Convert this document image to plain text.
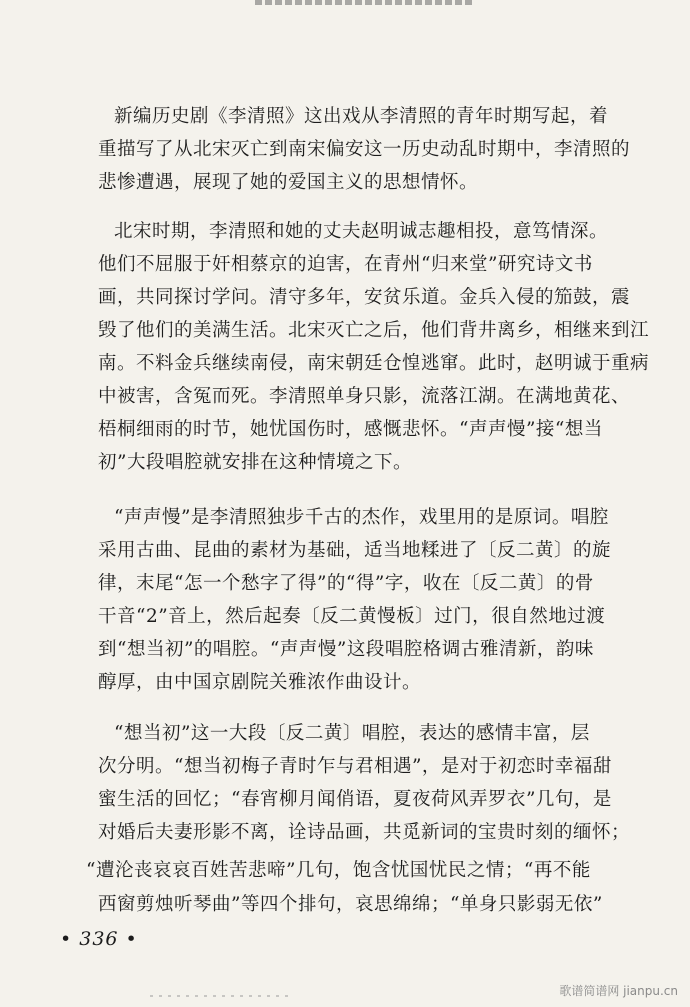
新编历史剧《李清照》这出戏从李清照的青年时期写起，着
重描写了从北宋灭亡到南宋偏安这一历史动乱时期中，李清照的
悲惨遭遇，展现了她的爱国主义的思想情怀。
北宋时期，李清照和她的丈夫赵明诚志趣相投，意笃情深。
他们不屈服于奸相蔡京的迫害，在青州“归来堂”研究诗文书
画，共同探讨学问。清守多年，安贫乐道。金兵入侵的笳鼓，震
毁了他们的美满生活。北宋灭亡之后，他们背井离乡，相继来到江
南。不料金兵继续南侵，南宋朝廷仓惶逃窜。此时，赵明诚于重病
中被害，含冤而死。李清照单身只影，流落江湖。在满地黄花、
梧桐细雨的时节，她忧国伤时，感慨悲怀。“声声慢”接“想当
初”大段唱腔就安排在这种情境之下。
“声声慢”是李清照独步千古的杰作，戏里用的是原词。唱腔
采用古曲、昆曲的素材为基础，适当地糅进了〔反二黄〕的旋
律，末尾“怎一个愁字了得”的“得”字，收在〔反二黄〕的骨
干音“2”音上，然后起奏〔反二黄慢板〕过门，很自然地过渡
到“想当初”的唱腔。“声声慢”这段唱腔格调古雅清新，韵味
醇厚，由中国京剧院关雅浓作曲设计。
“想当初”这一大段〔反二黄〕唱腔，表达的感情丰富，层
次分明。“想当初梅子青时乍与君相遇”，是对于初恋时幸福甜
蜜生活的回忆；“春宵柳月闻俏语，夏夜荷风弄罗衣”几句，是
对婚后夫妻形影不离，诠诗品画，共觅新词的宝贵时刻的缅怀；
“遭沦丧哀哀百姓苦悲啼”几句，饱含忧国忧民之情；“再不能
西窗剪烛听琴曲”等四个排句，哀思绵绵；“单身只影弱无依”
• 336 •
歌谱简谱网 jianpu.cn
